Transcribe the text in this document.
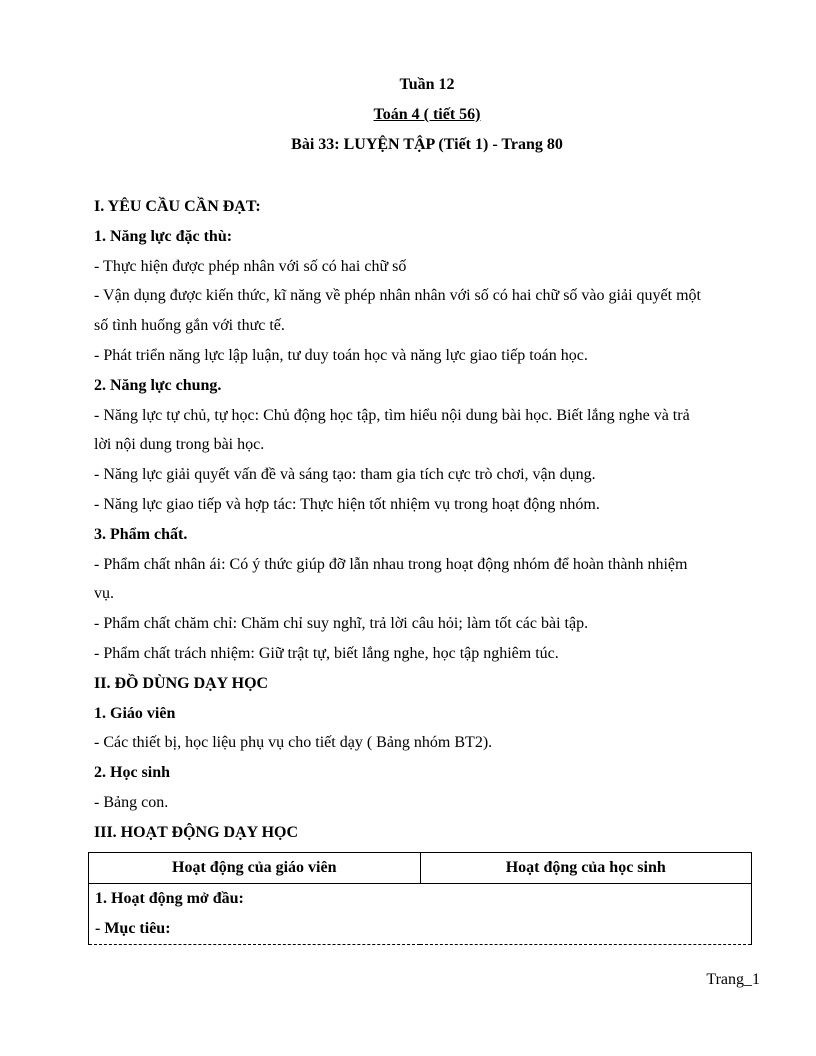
Tuần 12
Toán 4 ( tiết 56)
Bài 33: LUYỆN TẬP (Tiết 1) - Trang 80
I. YÊU CẦU CẦN ĐẠT:
1. Năng lực đặc thù:
- Thực hiện được phép nhân với số có hai chữ số
- Vận dụng được kiến thức, kĩ năng về phép nhân nhân với số có hai chữ số vào giải quyết một
số tình huống gắn với thưc tế.
- Phát triển năng lực lập luận, tư duy toán học và năng lực giao tiếp toán học.
2. Năng lực chung.
- Năng lực tự chủ, tự học: Chủ động học tập, tìm hiểu nội dung bài học. Biết lắng nghe và trả
lời nội dung trong bài học.
- Năng lực giải quyết vấn đề và sáng tạo: tham gia tích cực trò chơi, vận dụng.
- Năng lực giao tiếp và hợp tác: Thực hiện tốt nhiệm vụ trong hoạt động nhóm.
3. Phẩm chất.
- Phẩm chất nhân ái: Có ý thức giúp đỡ lẫn nhau trong hoạt động nhóm để hoàn thành nhiệm
vụ.
- Phẩm chất chăm chỉ: Chăm chỉ suy nghĩ, trả lời câu hỏi; làm tốt các bài tập.
- Phẩm chất trách nhiệm: Giữ trật tự, biết lắng nghe, học tập nghiêm túc.
II. ĐỒ DÙNG DẠY HỌC
1. Giáo viên
- Các thiết bị, học liệu phụ vụ cho tiết dạy ( Bảng nhóm BT2).
2. Học sinh
- Bảng con.
III. HOẠT ĐỘNG DẠY HỌC
Hoạt động của giáo viên	Hoạt động của học sinh
1. Hoạt động mở đầu:
- Mục tiêu:
Trang_1
